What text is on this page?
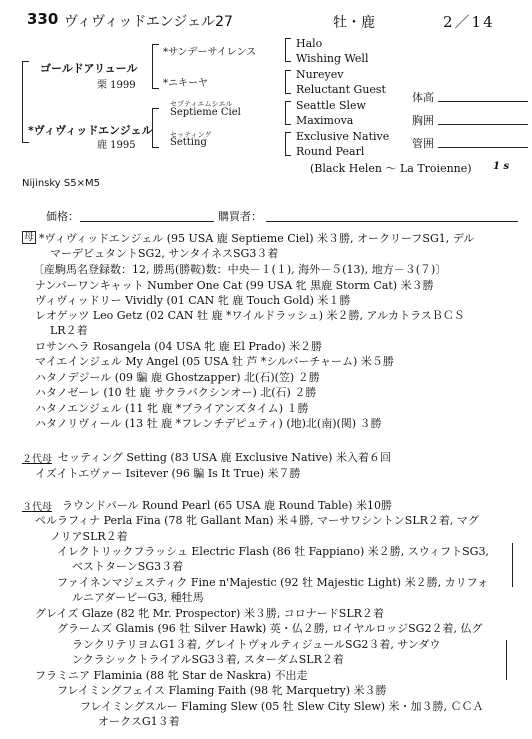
330 ヴィヴィッドエンジェル27	牡・鹿	2／14
ゴールドアリュール
栗 1999
*サンデーサイレンス
*ニキーヤ
*ヴィヴィッドエンジェル
鹿 1995
セプティエムシエル
Septieme Ciel
セッティング
Setting
Halo
Wishing Well
Nureyev
Reluctant Guest
Seattle Slew
Maximova
Exclusive Native
Round Pearl
(Black Helen ～ La Troienne) 1 s
体高
胸囲
管囲
Nijinsky S5×M5
価格：	購買者：
母 *ヴィヴィッドエンジェル (95 USA 鹿 Septieme Ciel) 米３勝, オークリーフSG1, デル
マーデビュタントSG2, サンタイネスSG3３着
〔産駒馬名登録数：12, 勝馬(勝鞍)数：中央－１(１), 海外－５(13), 地方－３(７)〕
ナンバーワンキャット Number One Cat (99 USA 牝 黒鹿 Storm Cat) 米３勝
ヴィヴィッドリー Vividly (01 CAN 牝 鹿 Touch Gold) 米１勝
レオゲッツ Leo Getz (02 CAN 牡 鹿 *ワイルドラッシュ) 米２勝, アルカトラスＢＣＳ
LR２着
ロサンヘラ Rosangela (04 USA 牝 鹿 El Prado) 米２勝
マイエインジェル My Angel (05 USA 牡 芦 *シルバーチャーム) 米５勝
ハタノデジール (09 騙 鹿 Ghostzapper) 北(石)(笠) ２勝
ハタノゼーレ (10 牡 鹿 サクラバクシンオー) 北(石) ２勝
ハタノエンジェル (11 牝 鹿 *ブライアンズタイム) １勝
ハタノリヴィール (13 牡 鹿 *フレンチデピュティ) (地)北(南)(関) ３勝
２代母 セッティング Setting (83 USA 鹿 Exclusive Native) 米入着６回
イズイトエヴァー Isitever (96 騙 Is It True) 米７勝
３代母 ラウンドパール Round Pearl (65 USA 鹿 Round Table) 米10勝
ペルラフィナ Perla Fina (78 牝 Gallant Man) 米４勝, マーサワシントンSLR２着, マグ
ノリアSLR２着
イレクトリックフラッシュ Electric Flash (86 牡 Fappiano) 米２勝, スウィフトSG3,
ベストターンSG3３着
ファイネンマジェスティク Fine n'Majestic (92 牡 Majestic Light) 米２勝, カリフォ
ルニアダービーG3, 種牡馬
グレイズ Glaze (82 牝 Mr. Prospector) 米３勝, コロナードSLR２着
グラームズ Glamis (96 牡 Silver Hawk) 英・仏２勝, ロイヤルロッジSG2２着, 仏グ
ランクリテリヨムG1３着, グレイトヴォルティジュールSG2３着, サンダウ
ンクラシックトライアルSG3３着, スターダムSLR２着
フラミニア Flaminia (88 牝 Star de Naskra) 不出走
フレイミングフェイス Flaming Faith (98 牝 Marquetry) 米３勝
フレイミングスルー Flaming Slew (05 牡 Slew City Slew) 米・加３勝, ＣＣＡ
オークスG1３着
